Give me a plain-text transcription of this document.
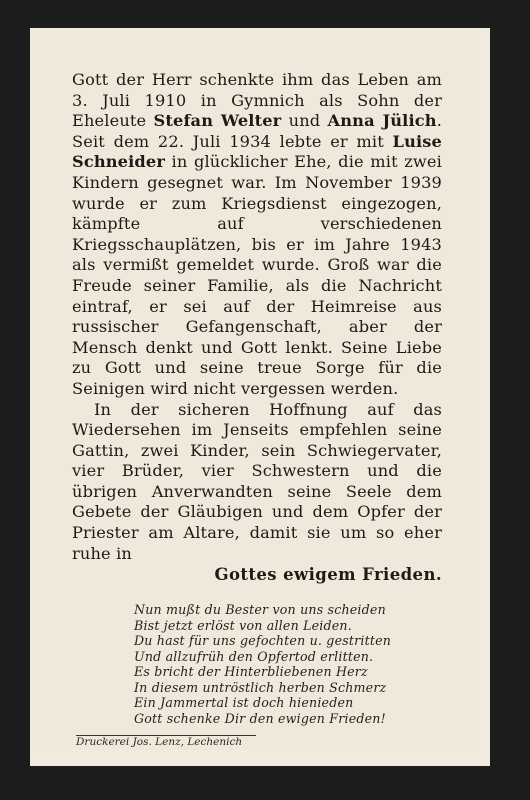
Gott der Herr schenkte ihm das Leben am 3. Juli 1910 in Gymnich als Sohn der Eheleute Stefan Welter und Anna Jülich. Seit dem 22. Juli 1934 lebte er mit Luise Schneider in glücklicher Ehe, die mit zwei Kindern gesegnet war. Im November 1939 wurde er zum Kriegsdienst eingezogen, kämpfte auf verschiedenen Kriegsschauplätzen, bis er im Jahre 1943 als vermißt gemeldet wurde. Groß war die Freude seiner Familie, als die Nachricht eintraf, er sei auf der Heimreise aus russischer Gefangenschaft, aber der Mensch denkt und Gott lenkt. Seine Liebe zu Gott und seine treue Sorge für die Seinigen wird nicht vergessen werden.

In der sicheren Hoffnung auf das Wiedersehen im Jenseits empfehlen seine Gattin, zwei Kinder, sein Schwiegervater, vier Brüder, vier Schwestern und die übrigen Anverwandten seine Seele dem Gebete der Gläubigen und dem Opfer der Priester am Altare, damit sie um so eher ruhe in

Gottes ewigem Frieden.
Nun mußt du Bester von uns scheiden
Bist jetzt erlöst von allen Leiden.
Du hast für uns gefochten u. gestritten
Und allzufrüh den Opfertod erlitten.
Es bricht der Hinterbliebenen Herz
In diesem untröstlich herben Schmerz
Ein Jammertal ist doch hienieden
Gott schenke Dir den ewigen Frieden!
Druckerei Jos. Lenz, Lechenich
